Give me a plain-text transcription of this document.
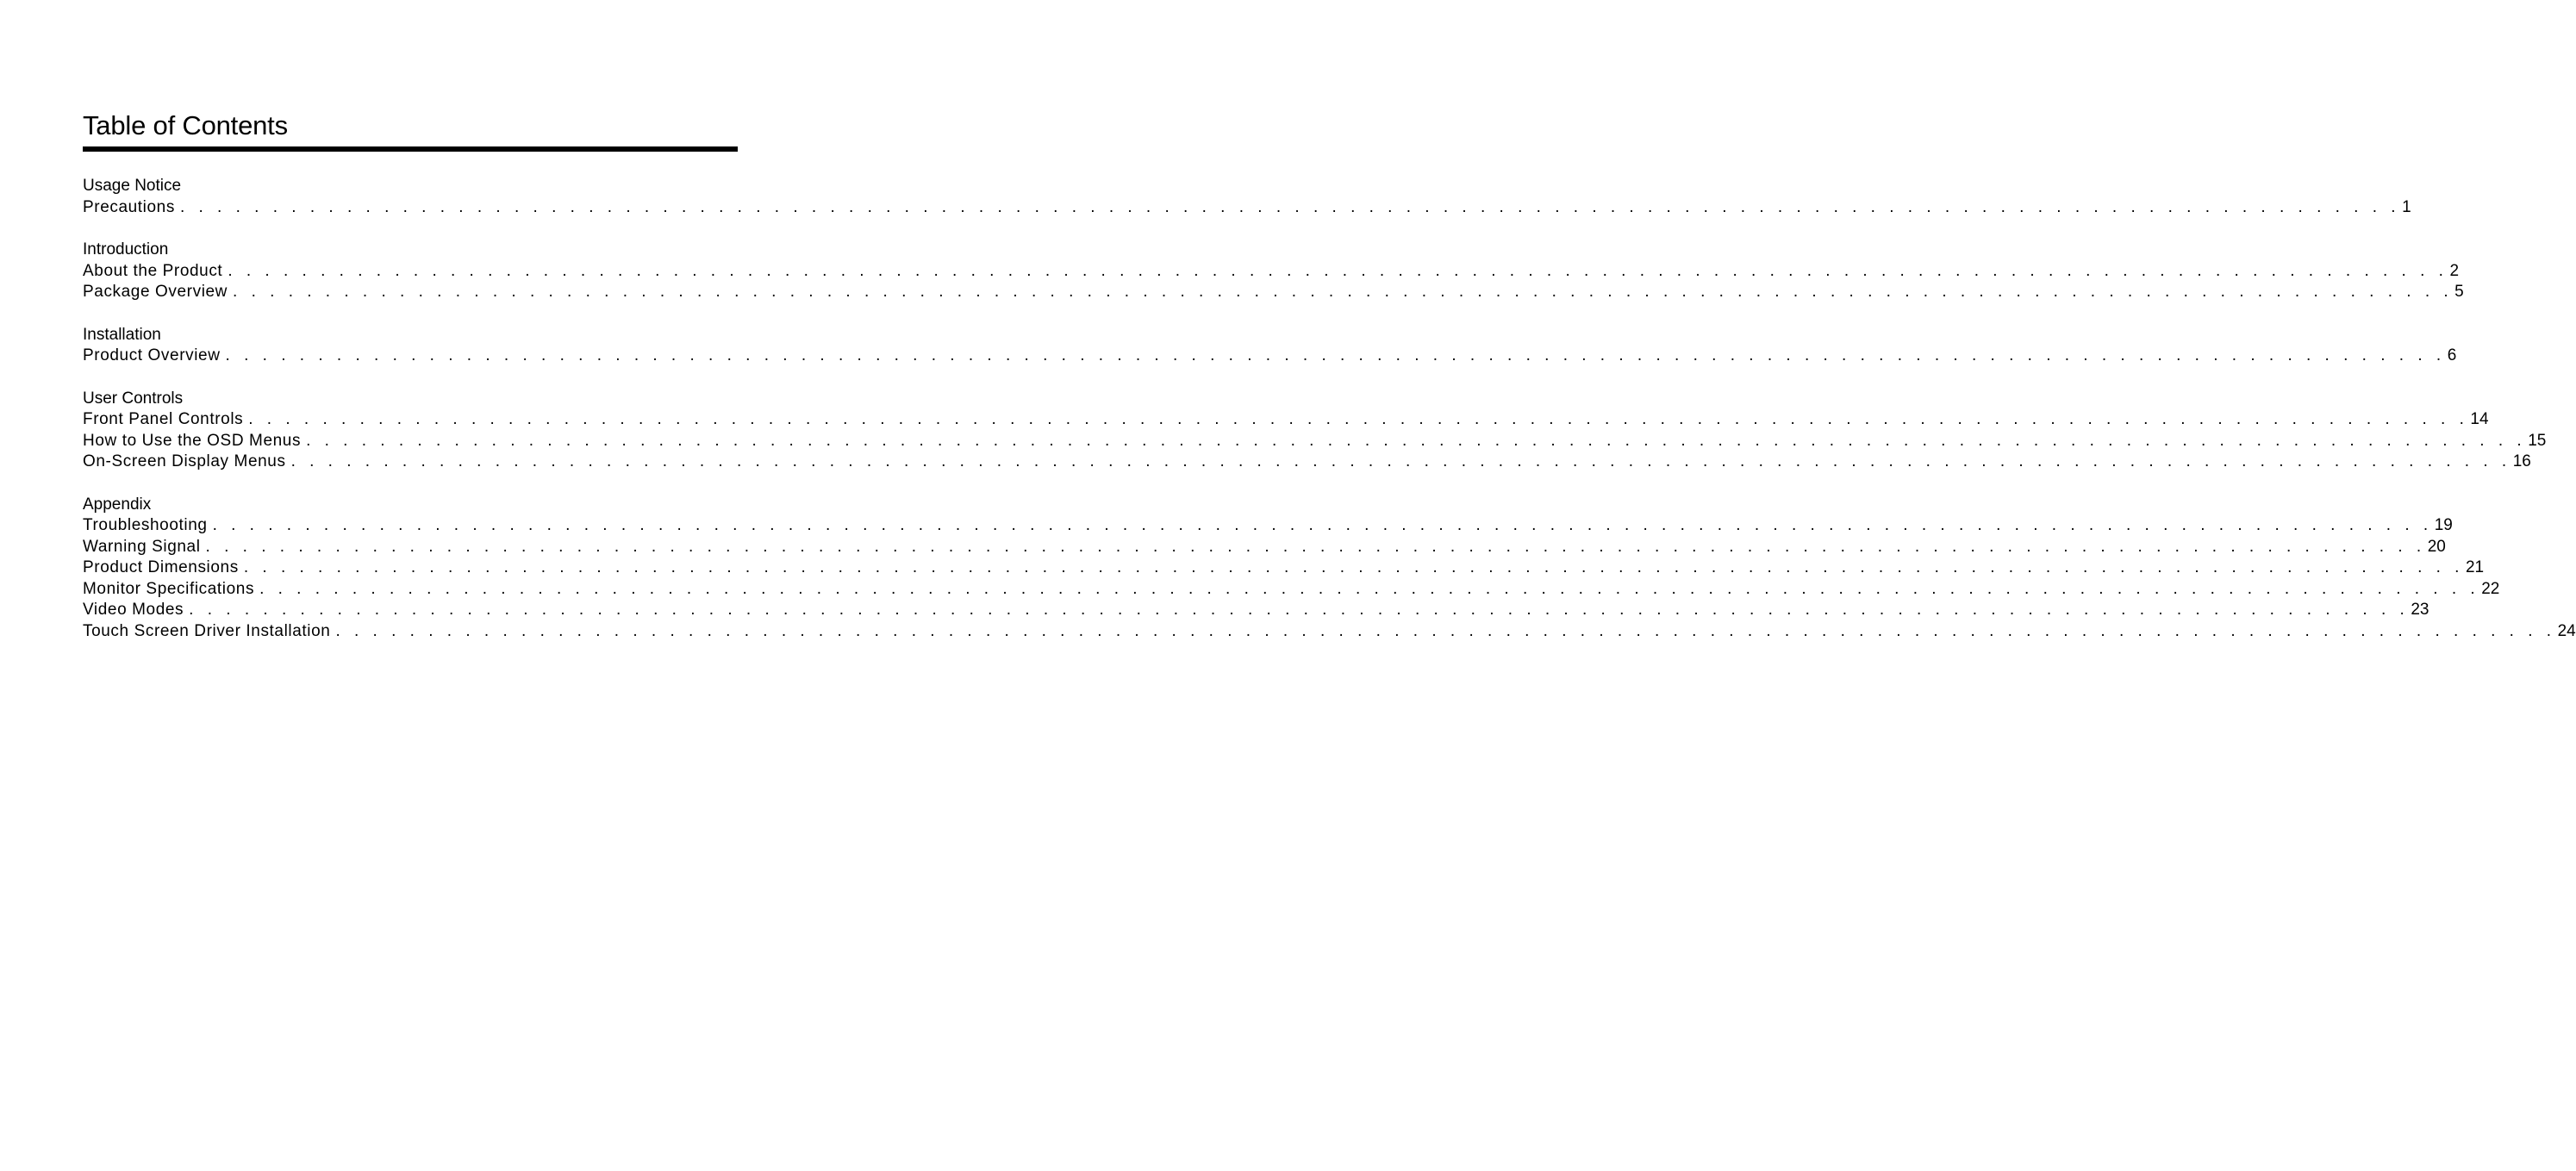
Table of Contents
Usage Notice
Precautions . . . . . . . . . . . . . . . . . . . . . . . . . . . . . . . . . . . . . . . . . . . . . . . . . . . . . . . . . . . . . . . . . . . . . . . . . . . . . . . . . . . . . . . . . . . . . . . . . . . . . . . . . . . . . . . . . . . . . . . . 1
Introduction
About the Product . . . . . . . . . . . . . . . . . . . . . . . . . . . . . . . . . . . . . . . . . . . . . . . . . . . . . . . . . . . . . . . . . . . . . . . . . . . . . . . . . . . . . . . . . . . . . . . . . . . . . . . . . . . . . . . . . . . . . . . . 2
Package Overview . . . . . . . . . . . . . . . . . . . . . . . . . . . . . . . . . . . . . . . . . . . . . . . . . . . . . . . . . . . . . . . . . . . . . . . . . . . . . . . . . . . . . . . . . . . . . . . . . . . . . . . . . . . . . . . . . . . . . . . . 5
Installation
Product Overview . . . . . . . . . . . . . . . . . . . . . . . . . . . . . . . . . . . . . . . . . . . . . . . . . . . . . . . . . . . . . . . . . . . . . . . . . . . . . . . . . . . . . . . . . . . . . . . . . . . . . . . . . . . . . . . . . . . . . . . . 6
User Controls
Front Panel Controls . . . . . . . . . . . . . . . . . . . . . . . . . . . . . . . . . . . . . . . . . . . . . . . . . . . . . . . . . . . . . . . . . . . . . . . . . . . . . . . . . . . . . . . . . . . . . . . . . . . . . . . . . . . . . . . . . . . . . . . . 14
How to Use the OSD Menus . . . . . . . . . . . . . . . . . . . . . . . . . . . . . . . . . . . . . . . . . . . . . . . . . . . . . . . . . . . . . . . . . . . . . . . . . . . . . . . . . . . . . . . . . . . . . . . . . . . . . . . . . . . . . . . . . . . . . . . . 15
On-Screen Display Menus . . . . . . . . . . . . . . . . . . . . . . . . . . . . . . . . . . . . . . . . . . . . . . . . . . . . . . . . . . . . . . . . . . . . . . . . . . . . . . . . . . . . . . . . . . . . . . . . . . . . . . . . . . . . . . . . . . . . . . . . 16
Appendix
Troubleshooting . . . . . . . . . . . . . . . . . . . . . . . . . . . . . . . . . . . . . . . . . . . . . . . . . . . . . . . . . . . . . . . . . . . . . . . . . . . . . . . . . . . . . . . . . . . . . . . . . . . . . . . . . . . . . . . . . . . . . . . . 19
Warning Signal . . . . . . . . . . . . . . . . . . . . . . . . . . . . . . . . . . . . . . . . . . . . . . . . . . . . . . . . . . . . . . . . . . . . . . . . . . . . . . . . . . . . . . . . . . . . . . . . . . . . . . . . . . . . . . . . . . . . . . . . 20
Product Dimensions . . . . . . . . . . . . . . . . . . . . . . . . . . . . . . . . . . . . . . . . . . . . . . . . . . . . . . . . . . . . . . . . . . . . . . . . . . . . . . . . . . . . . . . . . . . . . . . . . . . . . . . . . . . . . . . . . . . . . . . . 21
Monitor Specifications . . . . . . . . . . . . . . . . . . . . . . . . . . . . . . . . . . . . . . . . . . . . . . . . . . . . . . . . . . . . . . . . . . . . . . . . . . . . . . . . . . . . . . . . . . . . . . . . . . . . . . . . . . . . . . . . . . . . . . . . 22
Video Modes . . . . . . . . . . . . . . . . . . . . . . . . . . . . . . . . . . . . . . . . . . . . . . . . . . . . . . . . . . . . . . . . . . . . . . . . . . . . . . . . . . . . . . . . . . . . . . . . . . . . . . . . . . . . . . . . . . . . . . . . 23
Touch Screen Driver Installation . . . . . . . . . . . . . . . . . . . . . . . . . . . . . . . . . . . . . . . . . . . . . . . . . . . . . . . . . . . . . . . . . . . . . . . . . . . . . . . . . . . . . . . . . . . . . . . . . . . . . . . . . . . . . . . . . . . . . . . . 24
